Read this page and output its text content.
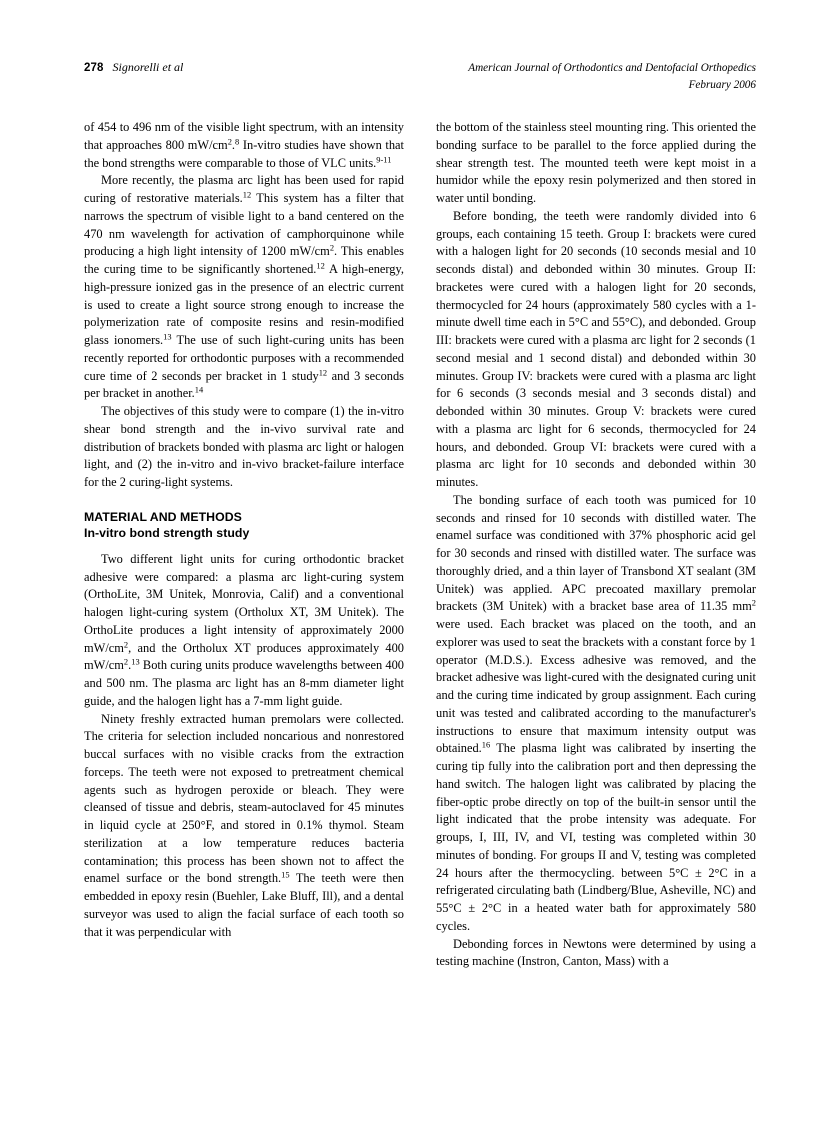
278 Signorelli et al	American Journal of Orthodontics and Dentofacial Orthopedics
February 2006

of 454 to 496 nm of the visible light spectrum, with an intensity that approaches 800 $mW/cm^2.^8$ In-vitro studies have shown that the bond strengths were comparable to those of VLC units.$^{9-11}$

More recently, the plasma arc light has been used for rapid curing of restorative materials.$^{12}$ This system has a filter that narrows the spectrum of visible light to a band centered on the 470 nm wavelength for activation of camphorquinone while producing a high light intensity of 1200 $mW/cm^2$. This enables the curing time to be significantly shortened.$^{12}$ A high-energy, high-pressure ionized gas in the presence of an electric current is used to create a light source strong enough to increase the polymerization rate of composite resins and resin-modified glass ionomers.$^{13}$ The use of such light-curing units has been recently reported for orthodontic purposes with a recommended cure time of 2 seconds per bracket in 1 study$^{12}$ and 3 seconds per bracket in another.$^{14}$

The objectives of this study were to compare (1) the in-vitro shear bond strength and the in-vivo survival rate and distribution of brackets bonded with plasma arc light or halogen light, and (2) the in-vitro and in-vivo bracket-failure interface for the 2 curing-light systems.

MATERIAL AND METHODS
In-vitro bond strength study

Two different light units for curing orthodontic bracket adhesive were compared: a plasma arc light-curing system (OrthoLite, 3M Unitek, Monrovia, Calif) and a conventional halogen light-curing system (Ortholux XT, 3M Unitek). The OrthoLite produces a light intensity of approximately 2000 $mW/cm^2$, and the Ortholux XT produces approximately 400 $mW/cm^2.^{13}$ Both curing units produce wavelengths between 400 and 500 nm. The plasma arc light has an 8-mm diameter light guide, and the halogen light has a 7-mm light guide.

Ninety freshly extracted human premolars were collected. The criteria for selection included noncarious and nonrestored buccal surfaces with no visible cracks from the extraction forceps. The teeth were not exposed to pretreatment chemical agents such as hydrogen peroxide or bleach. They were cleansed of tissue and debris, steam-autoclaved for 45 minutes in liquid cycle at 250°F, and stored in 0.1% thymol. Steam sterilization at a low temperature reduces bacteria contamination; this process has been shown not to affect the enamel surface or the bond strength.$^{15}$ The teeth were then embedded in epoxy resin (Buehler, Lake Bluff, Ill), and a dental surveyor was used to align the facial surface of each tooth so that it was perpendicular with

the bottom of the stainless steel mounting ring. This oriented the bonding surface to be parallel to the force applied during the shear strength test. The mounted teeth were kept moist in a humidor while the epoxy resin polymerized and then stored in water until bonding.

Before bonding, the teeth were randomly divided into 6 groups, each containing 15 teeth. Group I: brackets were cured with a halogen light for 20 seconds (10 seconds mesial and 10 seconds distal) and debonded within 30 minutes. Group II: bracketes were cured with a halogen light for 20 seconds, thermocycled for 24 hours (approximately 580 cycles with a 1-minute dwell time each in 5°C and 55°C), and debonded. Group III: brackets were cured with a plasma arc light for 2 seconds (1 second mesial and 1 second distal) and debonded within 30 minutes. Group IV: brackets were cured with a plasma arc light for 6 seconds (3 seconds mesial and 3 seconds distal) and debonded within 30 minutes. Group V: brackets were cured with a plasma arc light for 6 seconds, thermocycled for 24 hours, and debonded. Group VI: brackets were cured with a plasma arc light for 10 seconds and debonded within 30 minutes.

The bonding surface of each tooth was pumiced for 10 seconds and rinsed for 10 seconds with distilled water. The enamel surface was conditioned with 37% phosphoric acid gel for 30 seconds and rinsed with distilled water. The surface was thoroughly dried, and a thin layer of Transbond XT sealant (3M Unitek) was applied. APC precoated maxillary premolar brackets (3M Unitek) with a bracket base area of 11.35 $mm^2$ were used. Each bracket was placed on the tooth, and an explorer was used to seat the brackets with a constant force by 1 operator (M.D.S.). Excess adhesive was removed, and the bracket adhesive was light-cured with the designated curing unit and the curing time indicated by group assignment. Each curing unit was tested and calibrated according to the manufacturer's instructions to ensure that maximum intensity output was obtained.$^{16}$ The plasma light was calibrated by inserting the curing tip fully into the calibration port and then depressing the hand switch. The halogen light was calibrated by placing the fiber-optic probe directly on top of the built-in sensor until the light indicated that the probe intensity was adequate. For groups, I, III, IV, and VI, testing was completed within 30 minutes of bonding. For groups II and V, testing was completed 24 hours after the thermocycling. between 5°C ± 2°C in a refrigerated circulating bath (Lindberg/Blue, Asheville, NC) and 55°C ± 2°C in a heated water bath for approximately 580 cycles.

Debonding forces in Newtons were determined by using a testing machine (Instron, Canton, Mass) with a
